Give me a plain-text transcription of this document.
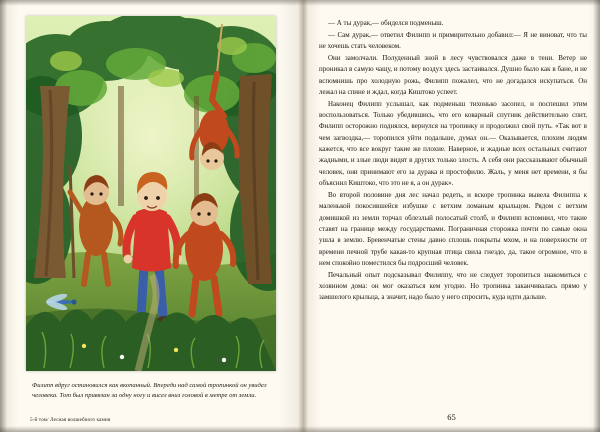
Филипп вдруг остановился как вкопанный. Впереди над самой тропинкой он увидел человека. Тот был привязан за одну ногу и висел вниз головой в метре от земли.
5-й том/ Лесная волшебного камня

— А ты дурак,— обиделся подменыш.

— Сам дурак,— ответил Филипп и примирительно добавил:— Я не виноват, что ты не хочешь стать человеком.

Они замолчали. Полуденный зной в лесу чувствовался даже в тени. Ветер не проникал в самую чащу, и потому воздух здесь застаивался. Душно было как в бане, и не вспомнишь про холодную рожь, Филипп пожалел, что не догадался искупаться. Он лежал на спине и ждал, когда Киштоко успеет.

Наконец Филипп услышал, как подменыш тихонько засопел, и поспешил этим воспользоваться. Только убедившись, что его коварный спутник действительно спит, Филипп осторожно поднялся, вернулся на тропинку и продолжил свой путь. «Так вот в чем загвоздка,— торопился уйти подальше, думал он.— Оказывается, плохим людям кажется, что все вокруг такие же плохие. Наверное, и жадные всех остальных считают жадными, и злые люди видят в других только злость. А себя они рассказывают обычный человек, они принимают его за дурака и простофилю. Жаль, у меня нет времени, я бы объяснил Киштоко, что это не я, а он дурак».

Во второй половине дня лес начал редеть, и вскоре тропинка вывела Филиппа к маленькой покосившейся избушке с ветхим ломаным крыльцом. Рядом с ветхим домишкой из земли торчал облезлый полосатый столб, и Филипп вспомнил, что такие ставят на границе между государствами. Пограничная сторожка почти по самые окна ушла в землю. Бревенчатые стены давно сплошь покрыты мхом, и на поверхности от времени печной трубе какая-то крупная птица свила гнездо, да, такое огромное, что в нем спокойно поместился бы подросший человек.

Печальный опыт подсказывал Филиппу, что не следует торопиться знакомиться с хозяином дома: он мог оказаться кем угодно. Но тропинка заканчивалась прямо у замшелого крыльца, а значит, надо было у него спросить, куда идти дальше.

65
